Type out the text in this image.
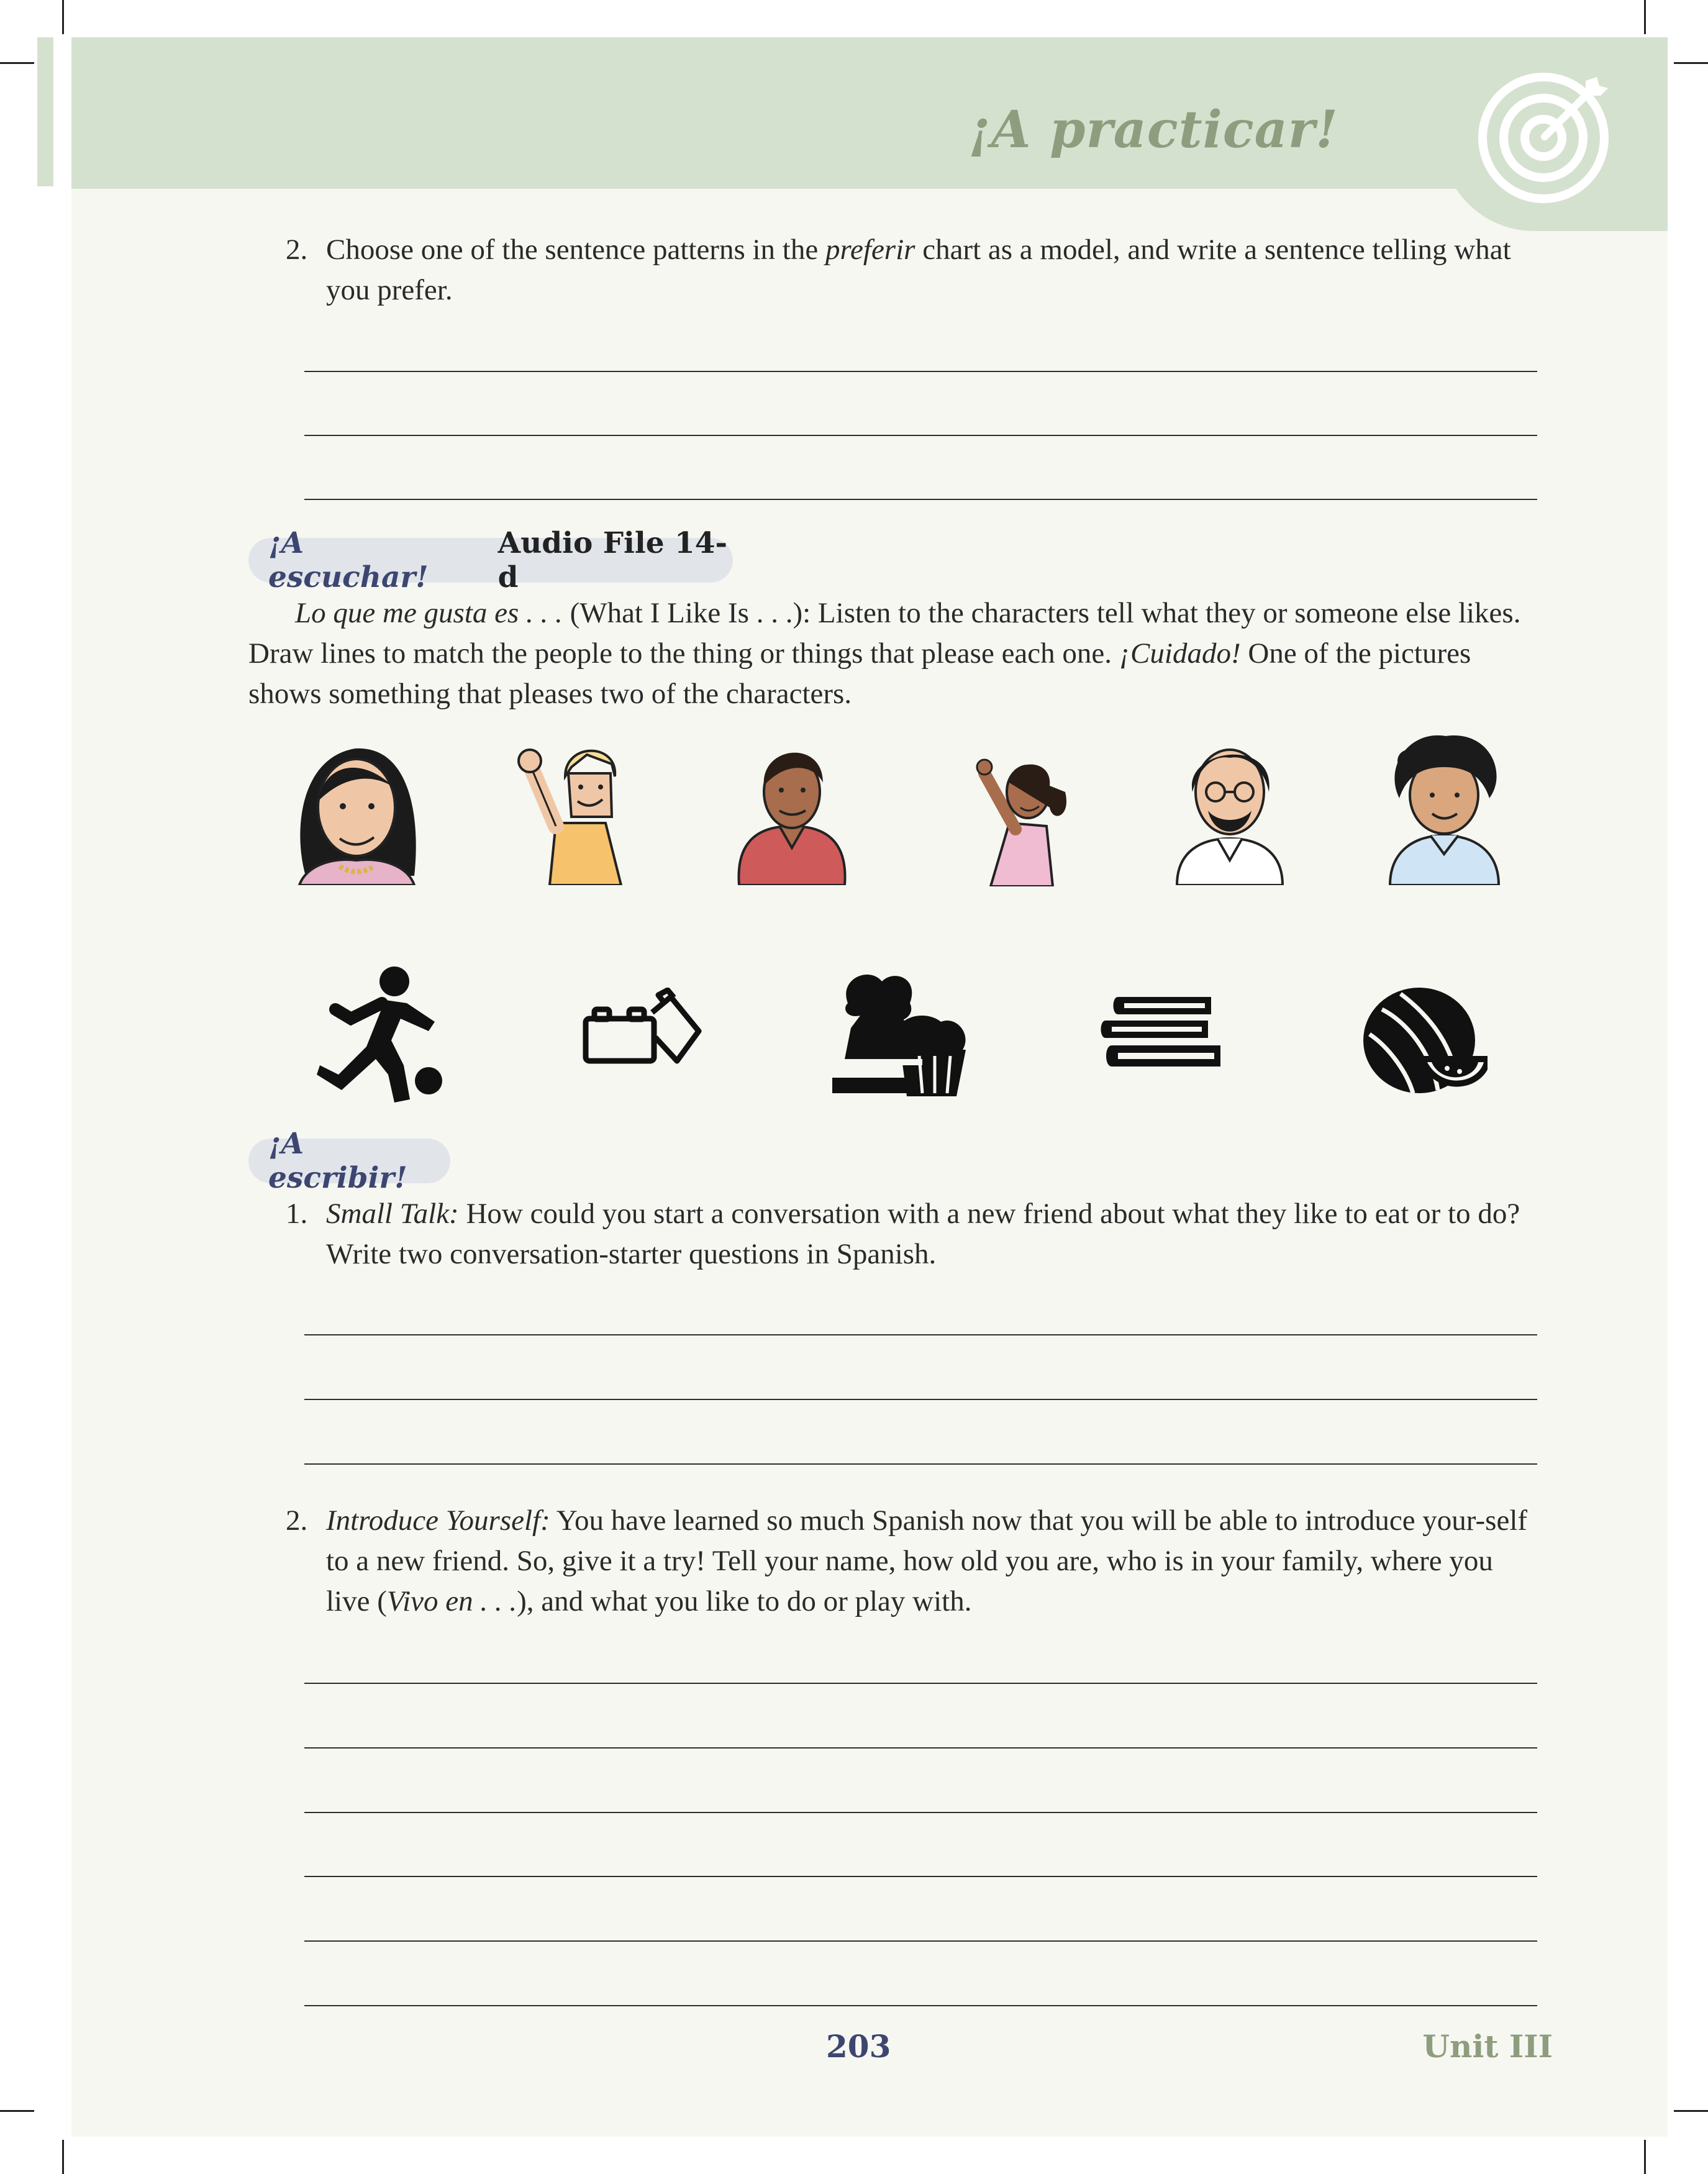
¡A practicar!
2. Choose one of the sentence patterns in the preferir chart as a model, and write a sentence telling what you prefer.
¡A escuchar!
Audio File 14-d
Lo que me gusta es . . . (What I Like Is . . .): Listen to the characters tell what they or someone else likes. Draw lines to match the people to the thing or things that please each one. ¡Cuidado! One of the pictures shows something that pleases two of the characters.
¡A escribir!
1. Small Talk: How could you start a conversation with a new friend about what they like to eat or to do? Write two conversation-starter questions in Spanish.
2. Introduce Yourself: You have learned so much Spanish now that you will be able to introduce your-self to a new friend. So, give it a try! Tell your name, how old you are, who is in your family, where you live (Vivo en . . .), and what you like to do or play with.
203	Unit III
